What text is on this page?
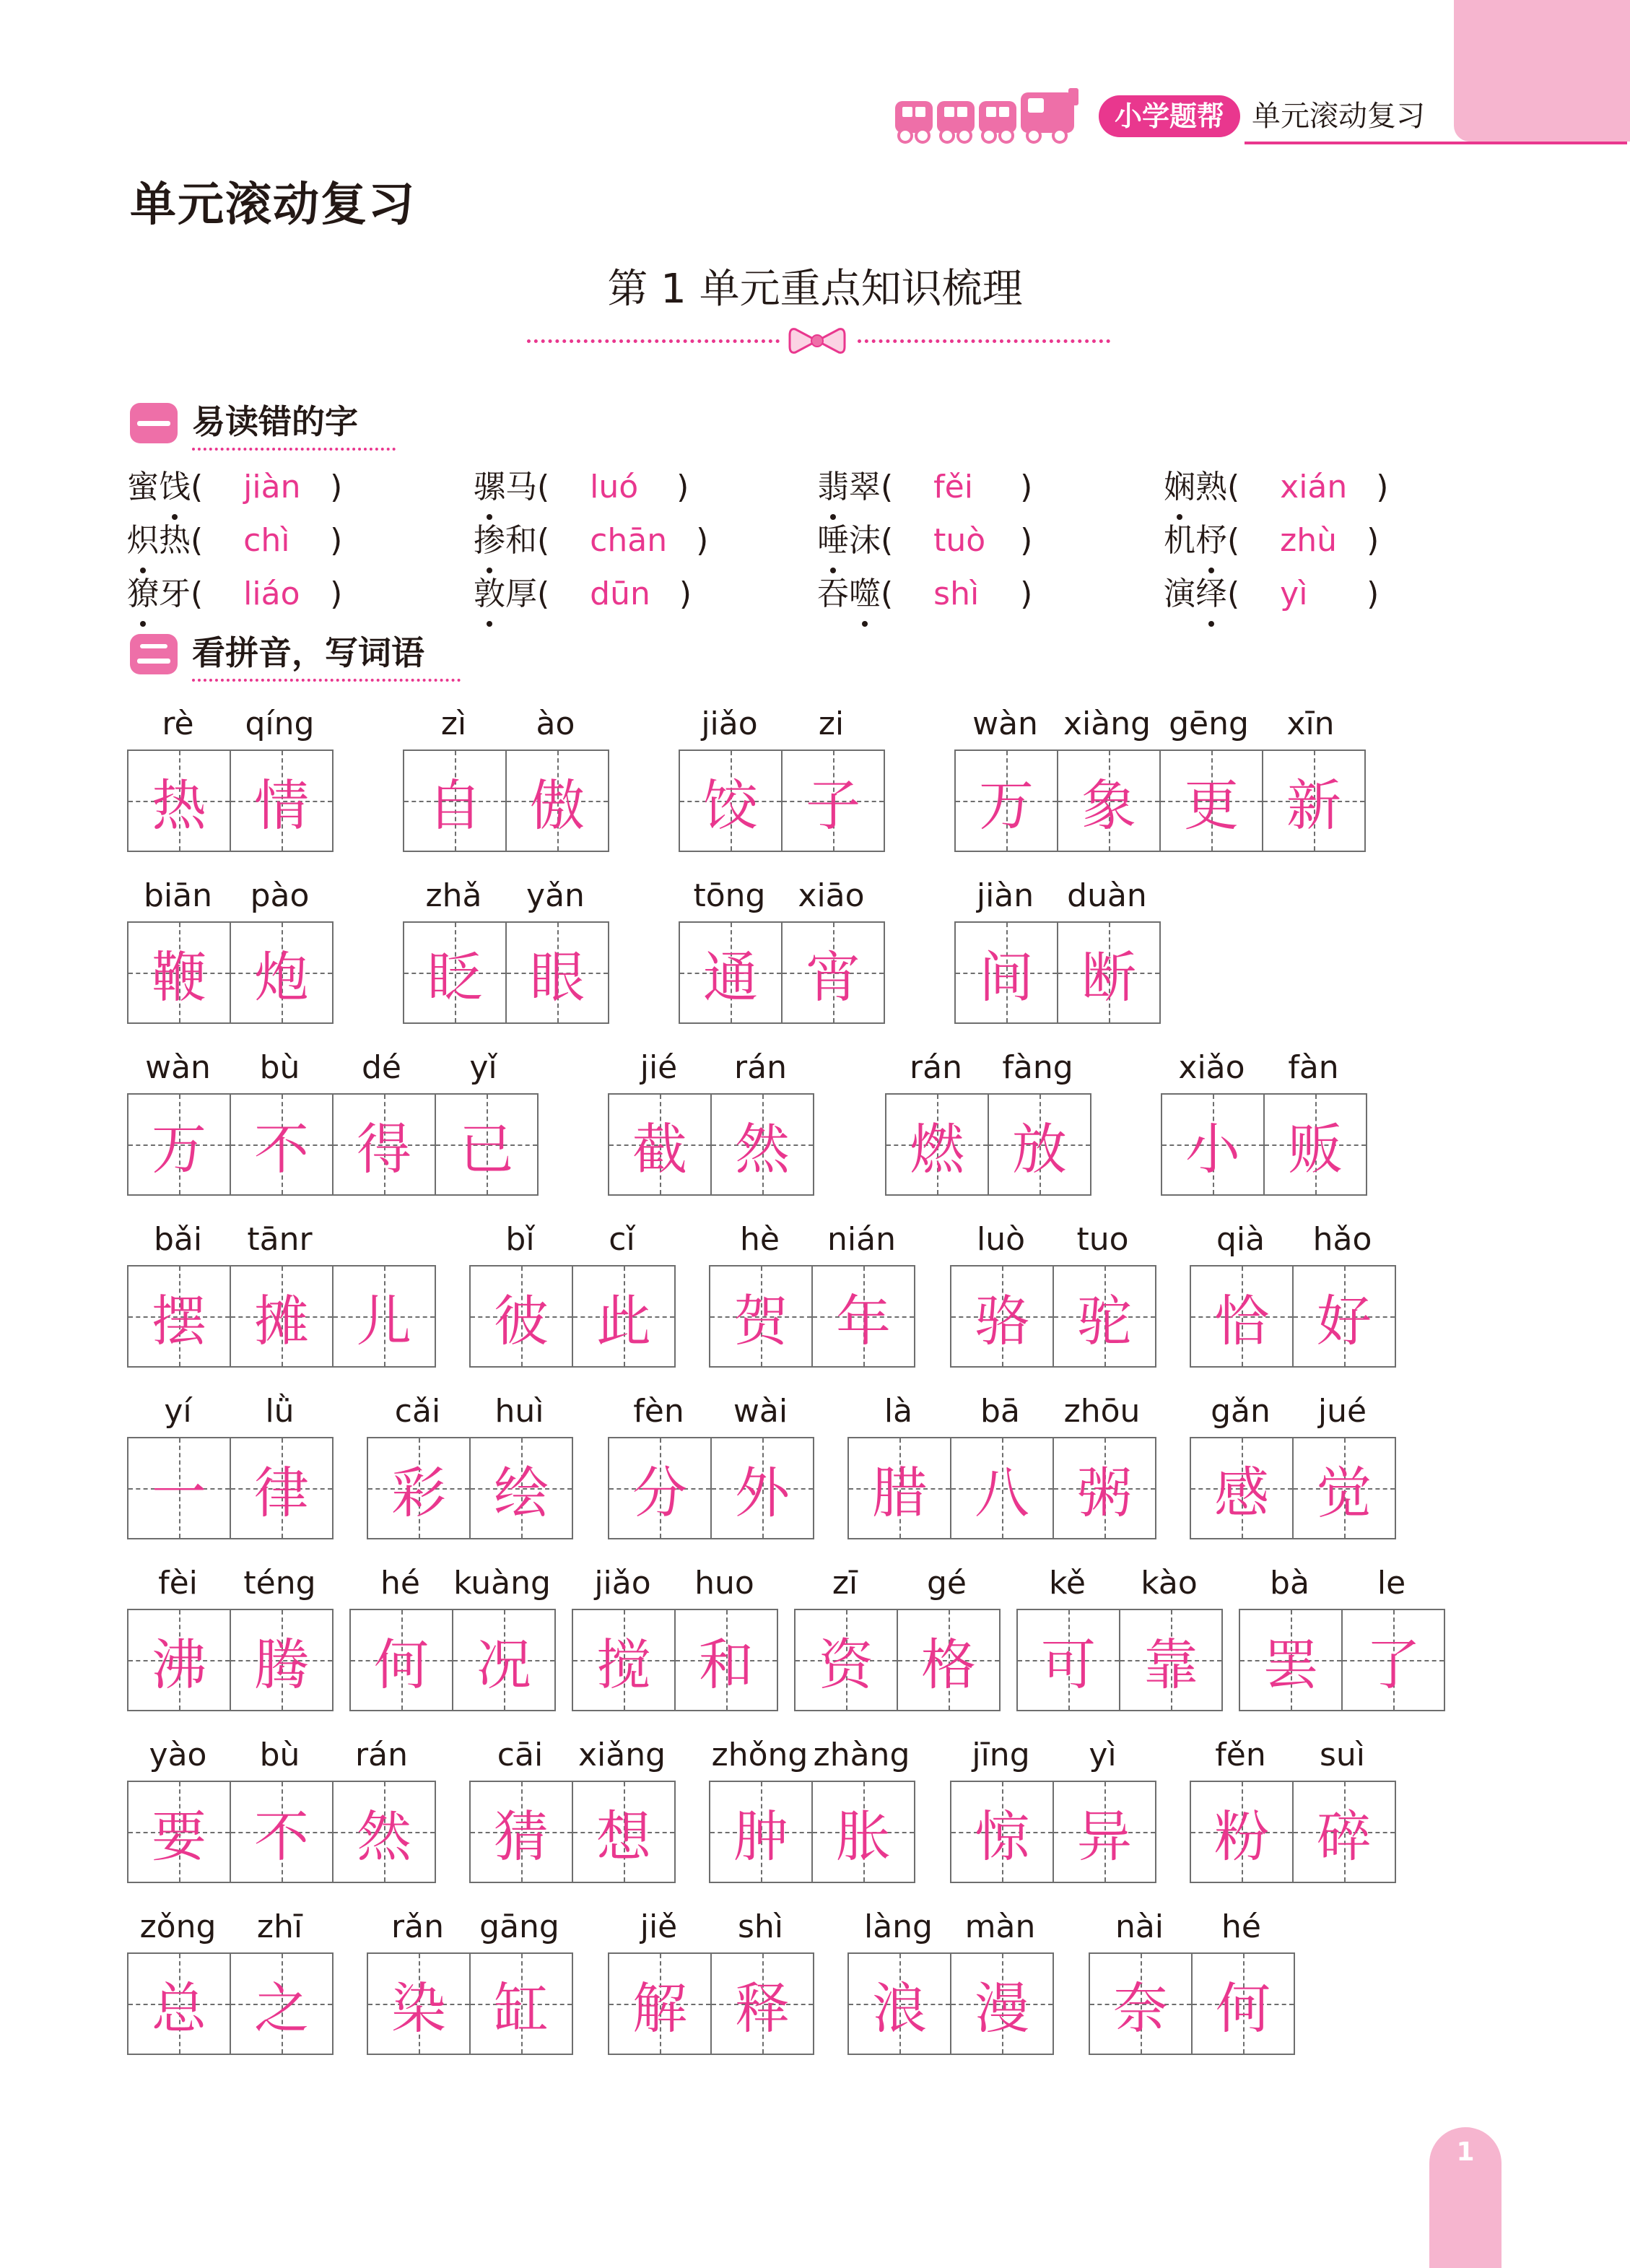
小学题帮 单元滚动复习
单元滚动复习
第 1 单元重点知识梳理
易读错的字
蜜饯( jiàn )	骡马( luó )	翡翠( fěi )	娴熟( xián )
炽热( chì )	掺和( chān )	唾沫( tuò )	机杼( zhù )
獠牙( liáo )	敦厚( dūn )	吞噬( shì )	演绎( yì )
看拼音，写词语
rè	qíng
热 情
zì	ào
自 傲
jiǎo	zi
饺 子
wàn xiàng gēng	xīn
万 象 更 新
biān	pào
鞭 炮
zhǎ	yǎn
眨 眼
tōng	xiāo
通 宵
jiàn	duàn
间 断
wàn	bù	dé	yǐ
万 不 得 已
jié	rán
截 然
rán	fàng
燃 放
xiǎo	fàn
小 贩
bǎi	tānr
摆 摊 儿
bǐ	cǐ
彼 此
hè	nián
贺 年
luò	tuo
骆 驼
qià	hǎo
恰 好
yí	lǜ
一 律
cǎi	huì
彩 绘
fèn	wài
分 外
là	bā	zhōu
腊 八 粥
gǎn	jué
感 觉
fèi	téng
沸 腾
hé	kuàng
何 况
jiǎo	huo
搅 和
zī	gé
资 格
kě	kào
可 靠
bà	le
罢 了
yào	bù	rán
要 不 然
cāi	xiǎng
猜 想
zhǒng zhàng
肿 胀
jīng	yì
惊 异
fěn	suì
粉 碎
zǒng	zhī
总 之
rǎn	gāng
染 缸
jiě	shì
解 释
làng	màn
浪 漫
nài	hé
奈 何
1
